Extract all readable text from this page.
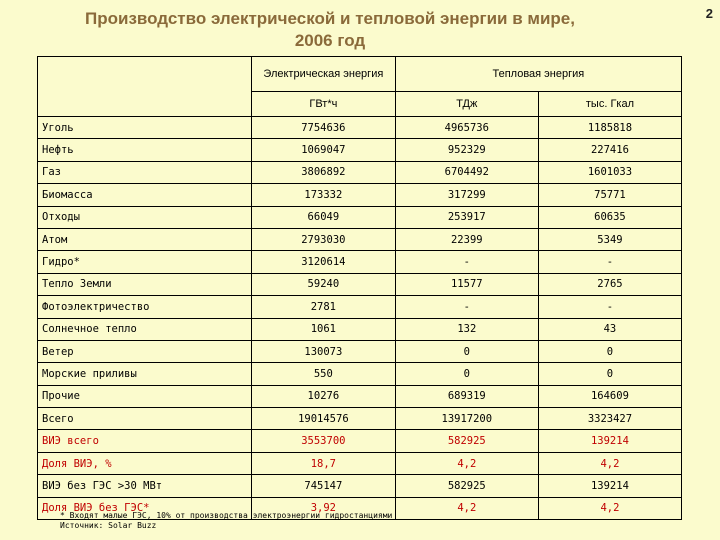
Производство электрической и тепловой энергии в мире,
2006 год
2
	Электрическая энергия	Тепловая энергия	
	ГВт*ч	ТДж	тыс. Гкал
Уголь	7754636	4965736	1185818
Нефть	1069047	952329	227416
Газ	3806892	6704492	1601033
Биомасса	173332	317299	75771
Отходы	66049	253917	60635
Атом	2793030	22399	5349
Гидро*	3120614	-	-
Тепло Земли	59240	11577	2765
Фотоэлектричество	2781	-	-
Солнечное тепло	1061	132	43
Ветер	130073	0	0
Морские приливы	550	0	0
Прочие	10276	689319	164609
Всего	19014576	13917200	3323427
ВИЭ всего	3553700	582925	139214
Доля ВИЭ, %	18,7	4,2	4,2
ВИЭ без ГЭС >30 МВт	745147	582925	139214
Доля ВИЭ без ГЭС*	3,92	4,2	4,2
* Входят малые ГЭС, 10% от производства электроэнергии гидростанциями
Источник: Solar Buzz
